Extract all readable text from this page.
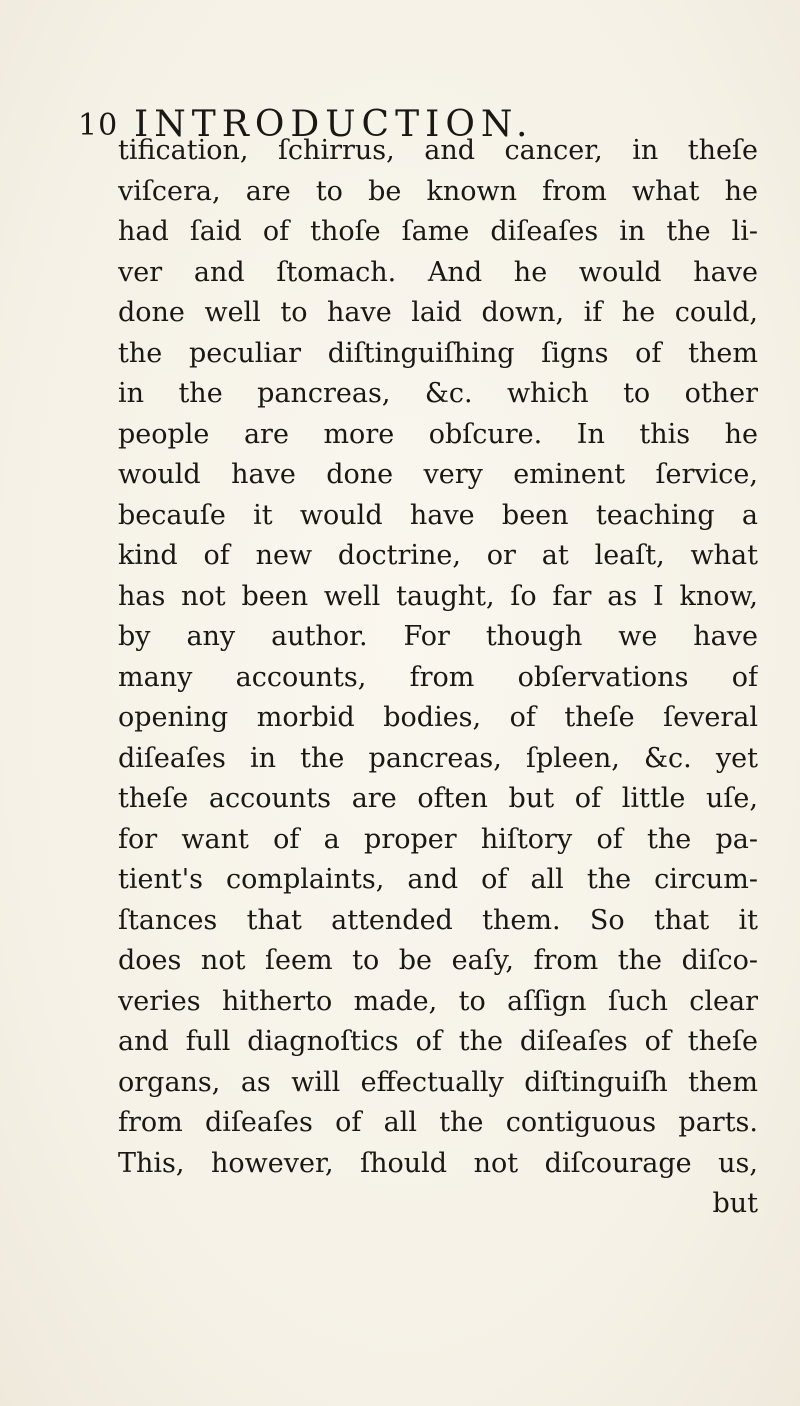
10 INTRODUCTION.
tification, ſchirrus, and cancer, in theſe
viſcera, are to be known from what he
had ſaid of thoſe ſame diſeaſes in the li-
ver and ſtomach. And he would have
done well to have laid down, if he could,
the peculiar diſtinguiſhing ſigns of them
in the pancreas, &c. which to other
people are more obſcure. In this he
would have done very eminent ſervice,
becauſe it would have been teaching a
kind of new doctrine, or at leaſt, what
has not been well taught, ſo far as I know,
by any author. For though we have
many accounts, from obſervations of
opening morbid bodies, of theſe ſeveral
diſeaſes in the pancreas, ſpleen, &c. yet
theſe accounts are often but of little uſe,
for want of a proper hiſtory of the pa-
tient's complaints, and of all the circum-
ſtances that attended them. So that it
does not ſeem to be eaſy, from the diſco-
veries hitherto made, to aſſign ſuch clear
and full diagnoſtics of the diſeaſes of theſe
organs, as will effectually diſtinguiſh them
from diſeaſes of all the contiguous parts.
This, however, ſhould not diſcourage us,
but
